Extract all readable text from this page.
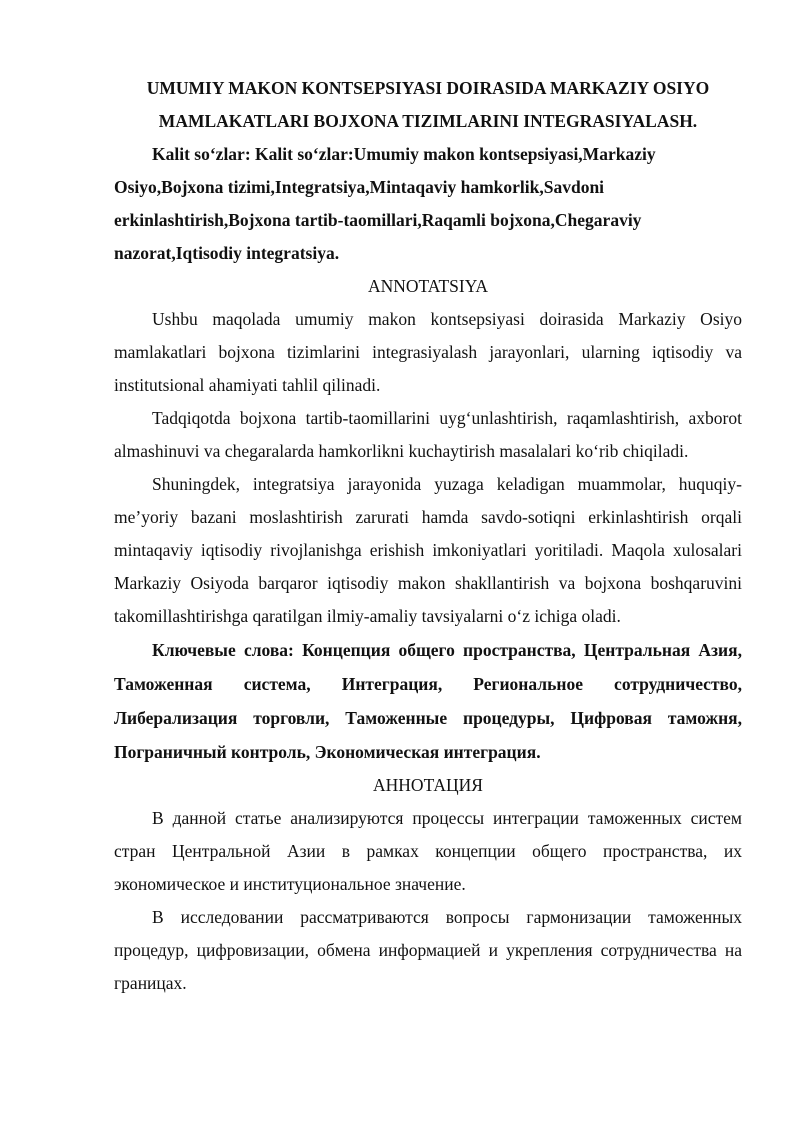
UMUMIY MAKON KONTSEPSIYASI DOIRASIDA MARKAZIY OSIYO
MAMLAKATLARI BOJXONA TIZIMLARINI INTEGRASIYALASH.

Kalit so‘zlar: Kalit so‘zlar:Umumiy makon kontsepsiyasi,Markaziy Osiyo,Bojxona tizimi,Integratsiya,Mintaqaviy hamkorlik,Savdoni erkinlashtirish,Bojxona tartib-taomillari,Raqamli bojxona,Chegaraviy nazorat,Iqtisodiy integratsiya.

ANNOTATSIYA

Ushbu maqolada umumiy makon kontsepsiyasi doirasida Markaziy Osiyo mamlakatlari bojxona tizimlarini integrasiyalash jarayonlari, ularning iqtisodiy va institutsional ahamiyati tahlil qilinadi.

Tadqiqotda bojxona tartib-taomillarini uyg‘unlashtirish, raqamlashtirish, axborot almashinuvi va chegaralarda hamkorlikni kuchaytirish masalalari ko‘rib chiqiladi.

Shuningdek, integratsiya jarayonida yuzaga keladigan muammolar, huquqiy-me’yoriy bazani moslashtirish zarurati hamda savdo-sotiqni erkinlashtirish orqali mintaqaviy iqtisodiy rivojlanishga erishish imkoniyatlari yoritiladi. Maqola xulosalari Markaziy Osiyoda barqaror iqtisodiy makon shakllantirish va bojxona boshqaruvini takomillashtirishga qaratilgan ilmiy-amaliy tavsiyalarni o‘z ichiga oladi.

Ключевые слова: Концепция общего пространства, Центральная Азия, Таможенная система, Интеграция, Региональное сотрудничество, Либерализация торговли, Таможенные процедуры, Цифровая таможня, Пограничный контроль, Экономическая интеграция.

АННОТАЦИЯ

В данной статье анализируются процессы интеграции таможенных систем стран Центральной Азии в рамках концепции общего пространства, их экономическое и институциональное значение.

В исследовании рассматриваются вопросы гармонизации таможенных процедур, цифровизации, обмена информацией и укрепления сотрудничества на границах.
